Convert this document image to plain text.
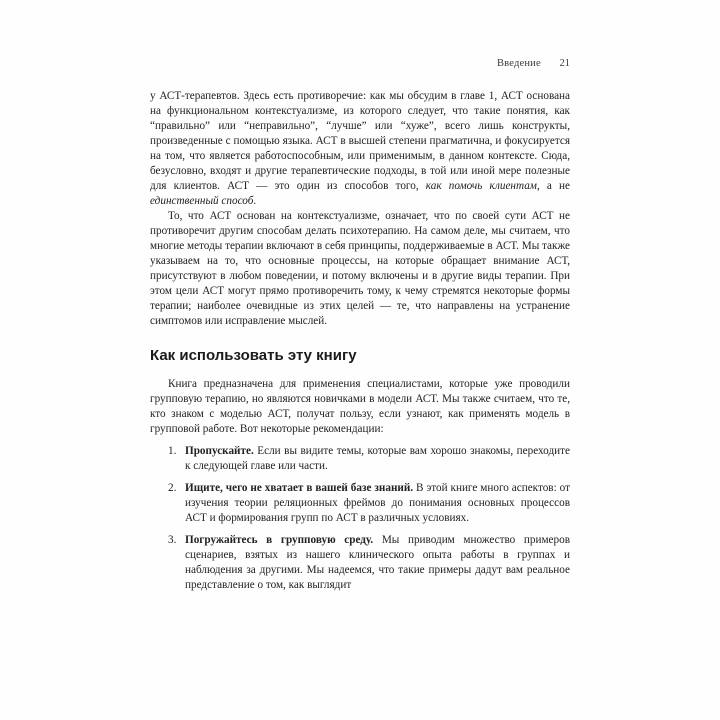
Введение 21

у АСТ-терапевтов. Здесь есть противоречие: как мы обсудим в главе 1, АСТ основана на функциональном контекстуализме, из которого следует, что такие понятия, как “правильно” или “неправильно”, “лучше” или “хуже”, всего лишь конструкты, произведенные с помощью языка. АСТ в высшей степени прагматична, и фокусируется на том, что является работоспособным, или применимым, в данном контексте. Сюда, безусловно, входят и другие терапевтические подходы, в той или иной мере полезные для клиентов. АСТ — это один из способов того, как помочь клиентам, а не единственный способ.

То, что АСТ основан на контекстуализме, означает, что по своей сути АСТ не противоречит другим способам делать психотерапию. На самом деле, мы считаем, что многие методы терапии включают в себя принципы, поддерживаемые в АСТ. Мы также указываем на то, что основные процессы, на которые обращает внимание АСТ, присутствуют в любом поведении, и потому включены и в другие виды терапии. При этом цели АСТ могут прямо противоречить тому, к чему стремятся некоторые формы терапии; наиболее очевидные из этих целей — те, что направлены на устранение симптомов или исправление мыслей.

Как использовать эту книгу

Книга предназначена для применения специалистами, которые уже проводили групповую терапию, но являются новичками в модели АСТ. Мы также считаем, что те, кто знаком с моделью АСТ, получат пользу, если узнают, как применять модель в групповой работе. Вот некоторые рекомендации:

1. Пропускайте. Если вы видите темы, которые вам хорошо знакомы, переходите к следующей главе или части.
2. Ищите, чего не хватает в вашей базе знаний. В этой книге много аспектов: от изучения теории реляционных фреймов до понимания основных процессов АСТ и формирования групп по АСТ в различных условиях.
3. Погружайтесь в групповую среду. Мы приводим множество примеров сценариев, взятых из нашего клинического опыта работы в группах и наблюдения за другими. Мы надеемся, что такие примеры дадут вам реальное представление о том, как выглядит
